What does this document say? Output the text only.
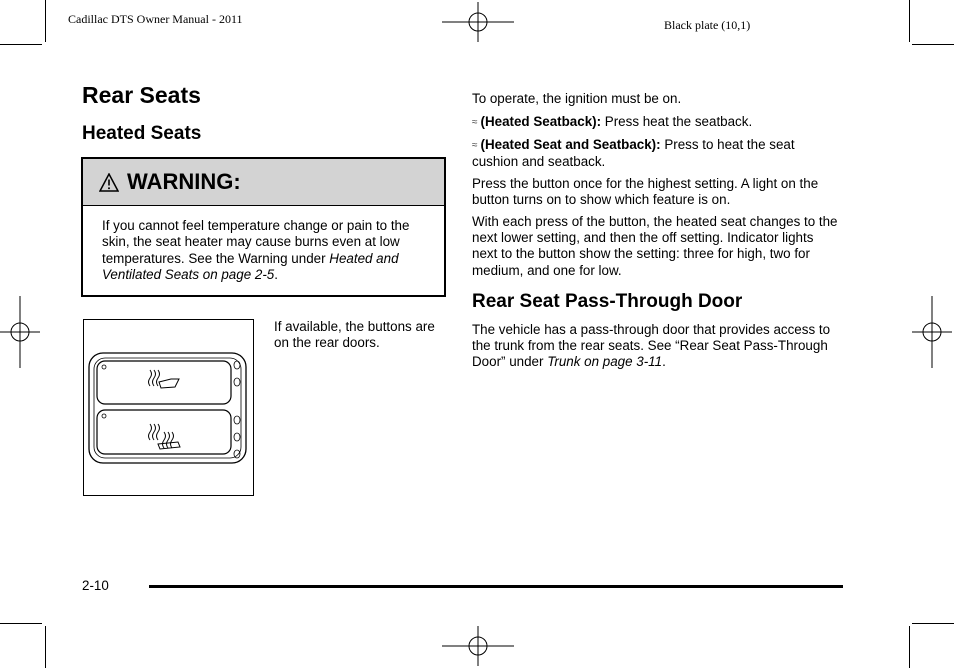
Cadillac DTS Owner Manual - 2011	Black plate (10,1)
Rear Seats
Heated Seats
WARNING:
If you cannot feel temperature change or pain to the skin, the seat heater may cause burns even at low temperatures. See the Warning under Heated and Ventilated Seats on page 2-5.
If available, the buttons are on the rear doors.

To operate, the ignition must be on.

≈ (Heated Seatback): Press heat the seatback.

≈ (Heated Seat and Seatback): Press to heat the seat cushion and seatback.

Press the button once for the highest setting. A light on the button turns on to show which feature is on.

With each press of the button, the heated seat changes to the next lower setting, and then the off setting. Indicator lights next to the button show the setting: three for high, two for medium, and one for low.

Rear Seat Pass-Through Door

The vehicle has a pass-through door that provides access to the trunk from the rear seats. See “Rear Seat Pass-Through Door” under Trunk on page 3-11.

2-10
